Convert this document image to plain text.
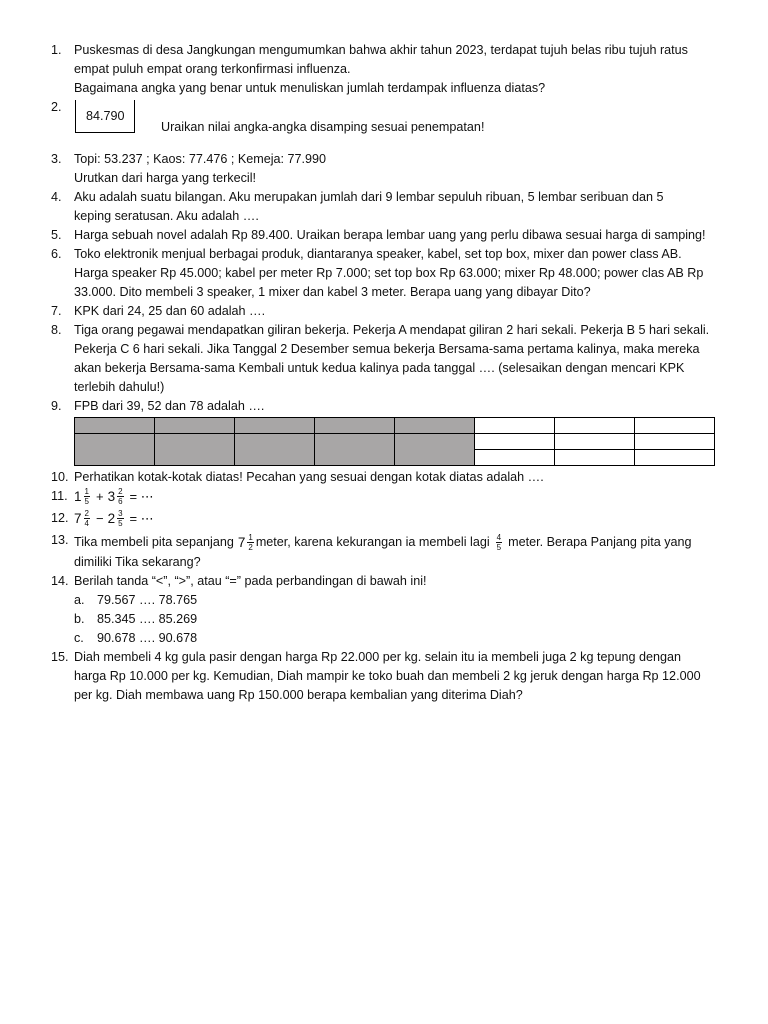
1. Puskesmas di desa Jangkungan mengumumkan bahwa akhir tahun 2023, terdapat tujuh belas ribu tujuh ratus
empat puluh empat orang terkonfirmasi influenza.
Bagaimana angka yang benar untuk menuliskan jumlah terdampak influenza diatas?
2.
84.790
Uraikan nilai angka-angka disamping sesuai penempatan!
3. Topi: 53.237 ; Kaos: 77.476 ; Kemeja: 77.990
Urutkan dari harga yang terkecil!
4. Aku adalah suatu bilangan. Aku merupakan jumlah dari 9 lembar sepuluh ribuan, 5 lembar seribuan dan 5
keping seratusan. Aku adalah ….
5. Harga sebuah novel adalah Rp 89.400. Uraikan berapa lembar uang yang perlu dibawa sesuai harga di samping!
6. Toko elektronik menjual berbagai produk, diantaranya speaker, kabel, set top box, mixer dan power class AB.
Harga speaker Rp 45.000; kabel per meter Rp 7.000; set top box Rp 63.000; mixer Rp 48.000; power clas AB Rp
33.000. Dito membeli 3 speaker, 1 mixer dan kabel 3 meter. Berapa uang yang dibayar Dito?
7. KPK dari 24, 25 dan 60 adalah ….
8. Tiga orang pegawai mendapatkan giliran bekerja. Pekerja A mendapat giliran 2 hari sekali. Pekerja B 5 hari sekali.
Pekerja C 6 hari sekali. Jika Tanggal 2 Desember semua bekerja Bersama-sama pertama kalinya, maka mereka
akan bekerja Bersama-sama Kembali untuk kedua kalinya pada tanggal …. (selesaikan dengan mencari KPK
terlebih dahulu!)
9. FPB dari 39, 52 dan 78 adalah ….

10. Perhatikan kotak-kotak diatas! Pecahan yang sesuai dengan kotak diatas adalah ….
11. $1 \frac{1}{5} + 3 \frac{2}{6}$ = ⋯
12. $7 \frac{2}{4} - 2 \frac{3}{5}$ = ⋯
13. Tika membeli pita sepanjang $7 \frac{1}{2}$ meter, karena kekurangan ia membeli lagi $\frac{4}{5}$ meter. Berapa Panjang pita yang
dimiliki Tika sekarang?
14. Berilah tanda “<”, “>”, atau “=” pada perbandingan di bawah ini!
a. 79.567 …. 78.765
b. 85.345 …. 85.269
c. 90.678 …. 90.678
15. Diah membeli 4 kg gula pasir dengan harga Rp 22.000 per kg. selain itu ia membeli juga 2 kg tepung dengan
harga Rp 10.000 per kg. Kemudian, Diah mampir ke toko buah dan membeli 2 kg jeruk dengan harga Rp 12.000
per kg. Diah membawa uang Rp 150.000 berapa kembalian yang diterima Diah?
